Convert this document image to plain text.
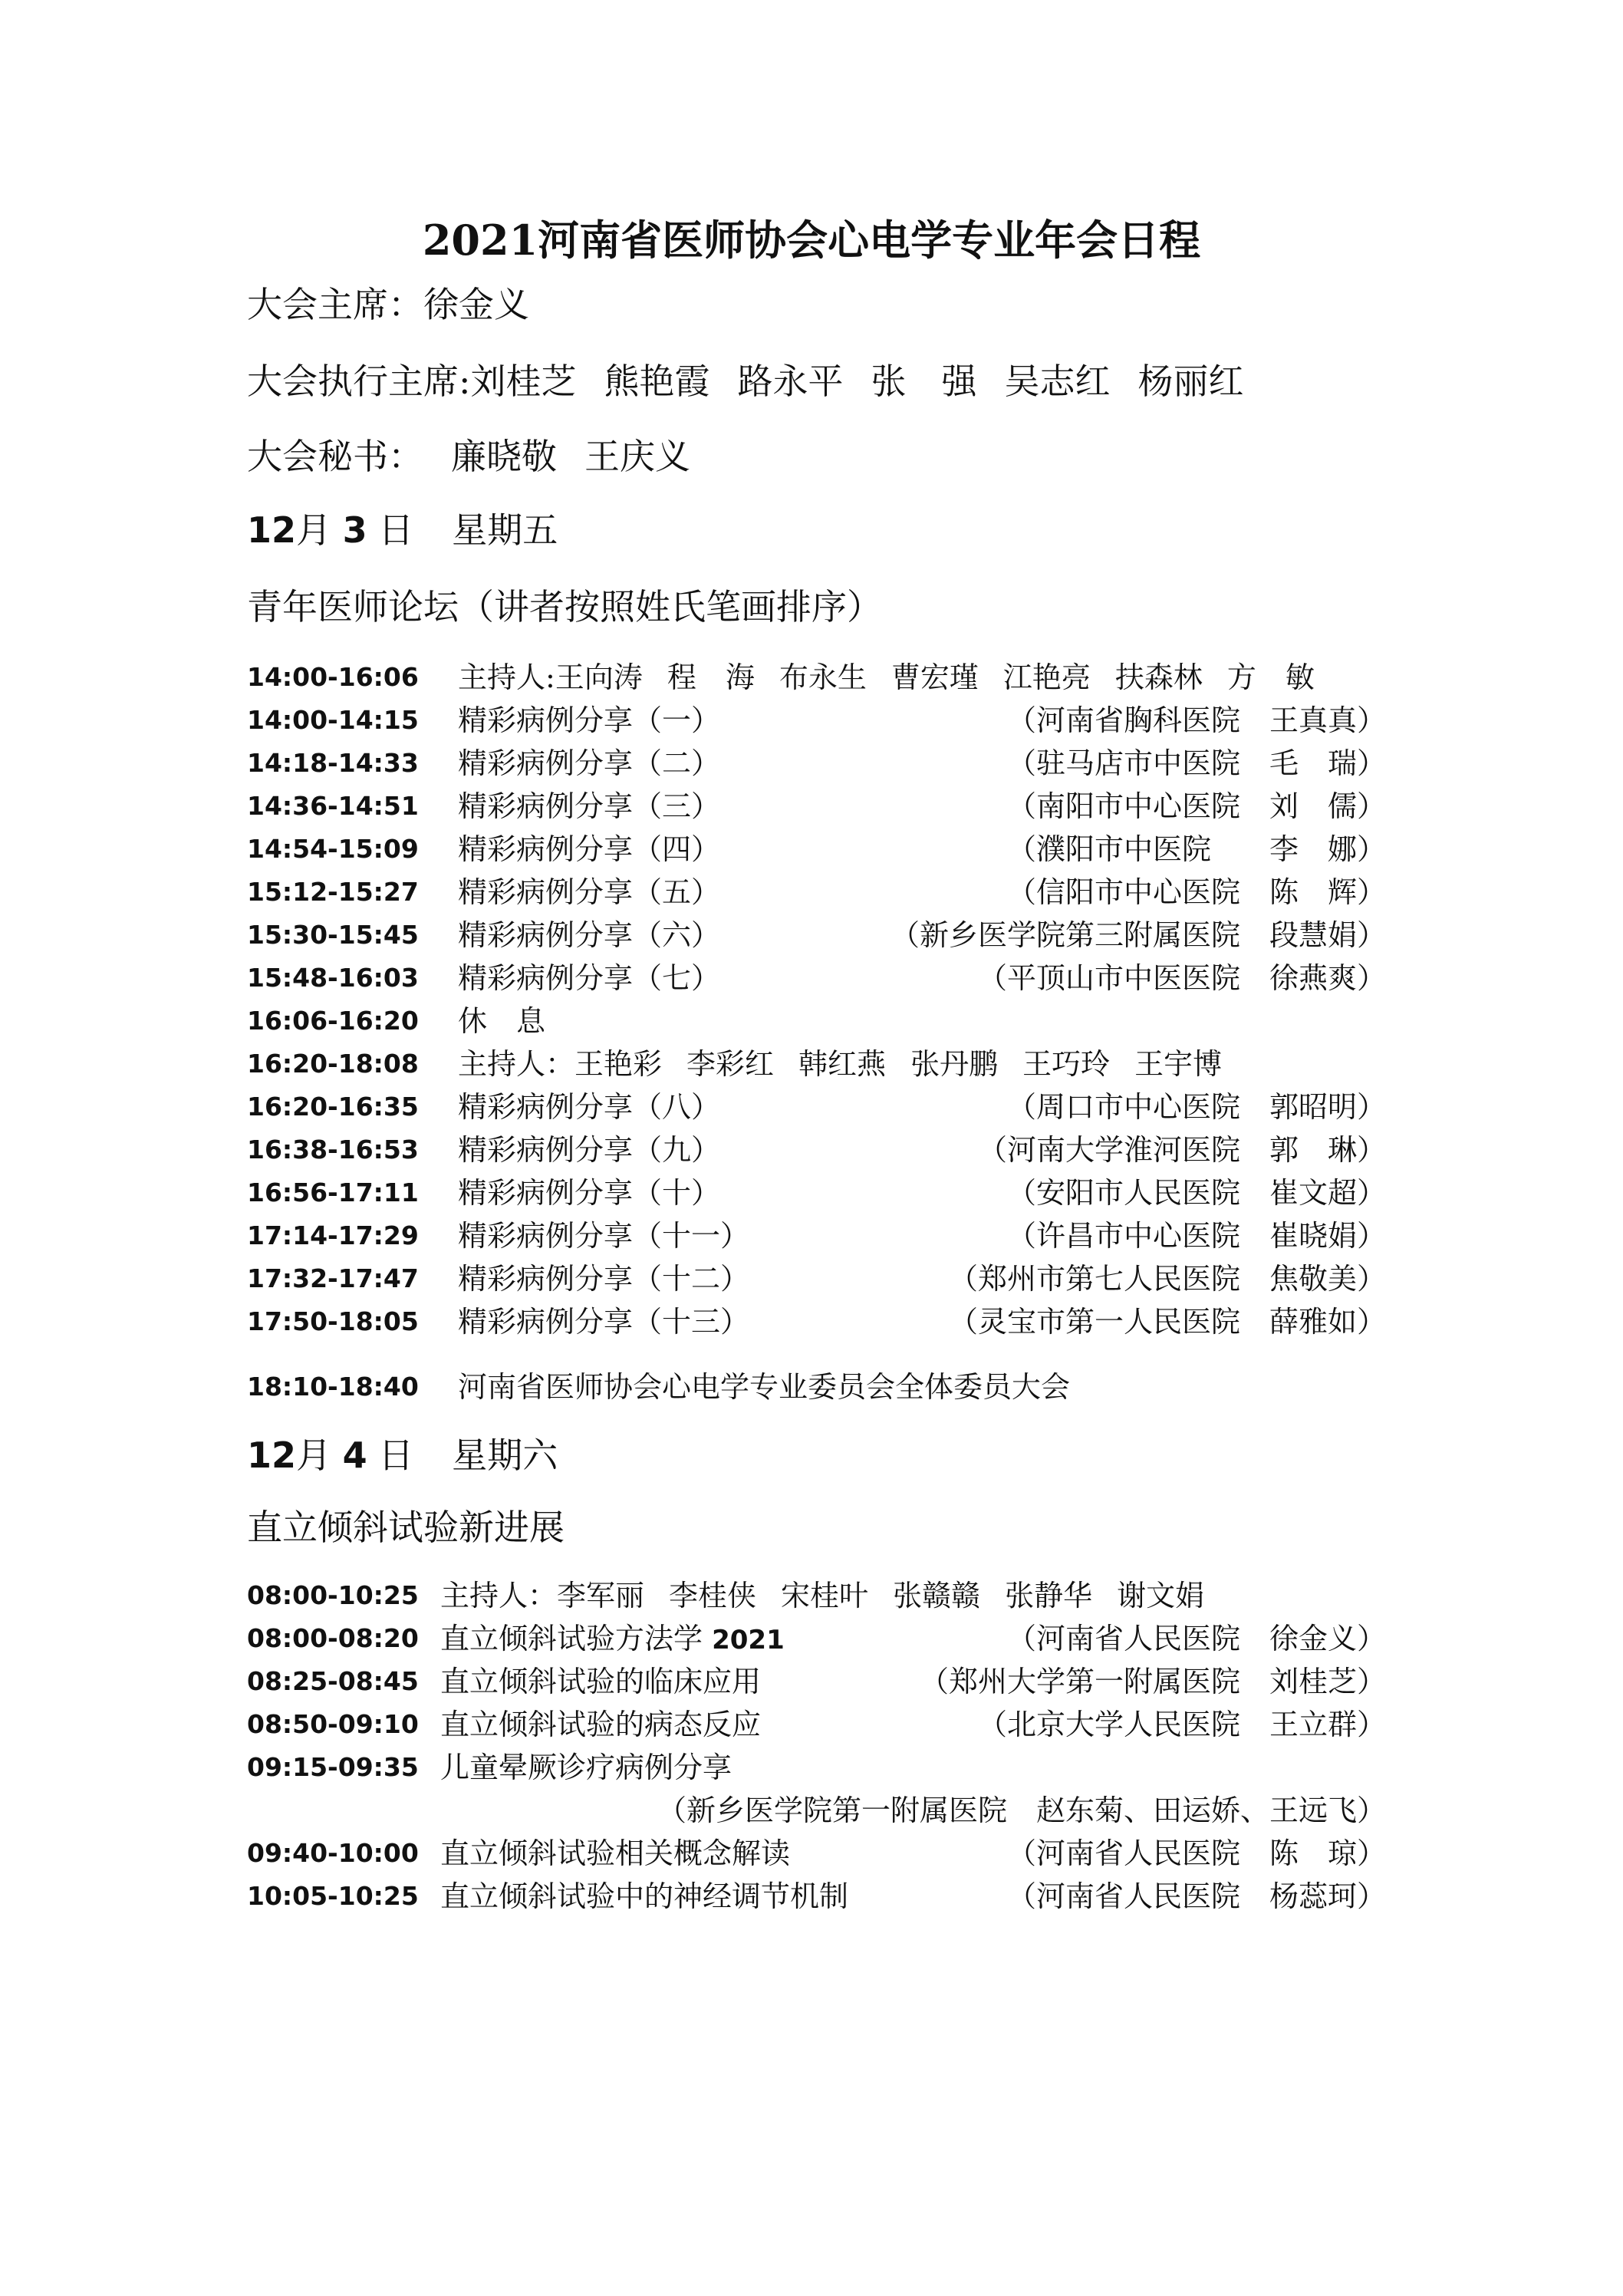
2021河南省医师协会心电学专业年会日程
大会主席：徐金义
大会执行主席:刘桂芝 熊艳霞 路永平 张　强 吴志红 杨丽红
大会秘书： 廉晓敬 王庆义
12月 3 日 星期五
青年医师论坛（讲者按照姓氏笔画排序）
14:00-16:06 主持人:王向涛 程　海 布永生 曹宏瑾 江艳亮 扶森林 方　敏
14:00-14:15 精彩病例分享（一）	（河南省胸科医院　王真真）
14:18-14:33 精彩病例分享（二）	（驻马店市中医院　毛　瑞）
14:36-14:51 精彩病例分享（三）	（南阳市中心医院　刘　儒）
14:54-15:09 精彩病例分享（四）	（濮阳市中医院　　李　娜）
15:12-15:27 精彩病例分享（五）	（信阳市中心医院　陈　辉）
15:30-15:45 精彩病例分享（六）	（新乡医学院第三附属医院　段慧娟）
15:48-16:03 精彩病例分享（七）	（平顶山市中医医院　徐燕爽）
16:06-16:20 休　息
16:20-18:08 主持人：王艳彩 李彩红 韩红燕 张丹鹏 王巧玲 王宇博
16:20-16:35 精彩病例分享（八）	（周口市中心医院　郭昭明）
16:38-16:53 精彩病例分享（九）	（河南大学淮河医院　郭　琳）
16:56-17:11 精彩病例分享（十）	（安阳市人民医院　崔文超）
17:14-17:29 精彩病例分享（十一）	（许昌市中心医院　崔晓娟）
17:32-17:47 精彩病例分享（十二）	（郑州市第七人民医院　焦敬美）
17:50-18:05 精彩病例分享（十三）	（灵宝市第一人民医院　薛雅如）
18:10-18:40 河南省医师协会心电学专业委员会全体委员大会
12月 4 日 星期六
直立倾斜试验新进展
08:00-10:25 主持人：李军丽 李桂侠 宋桂叶 张赣赣 张静华 谢文娟
08:00-08:20 直立倾斜试验方法学 2021	（河南省人民医院　徐金义）
08:25-08:45 直立倾斜试验的临床应用	（郑州大学第一附属医院　刘桂芝）
08:50-09:10 直立倾斜试验的病态反应	（北京大学人民医院　王立群）
09:15-09:35 儿童晕厥诊疗病例分享
（新乡医学院第一附属医院　赵东菊、田运娇、王远飞）
09:40-10:00 直立倾斜试验相关概念解读	（河南省人民医院　陈　琼）
10:05-10:25 直立倾斜试验中的神经调节机制	（河南省人民医院　杨蕊珂）
